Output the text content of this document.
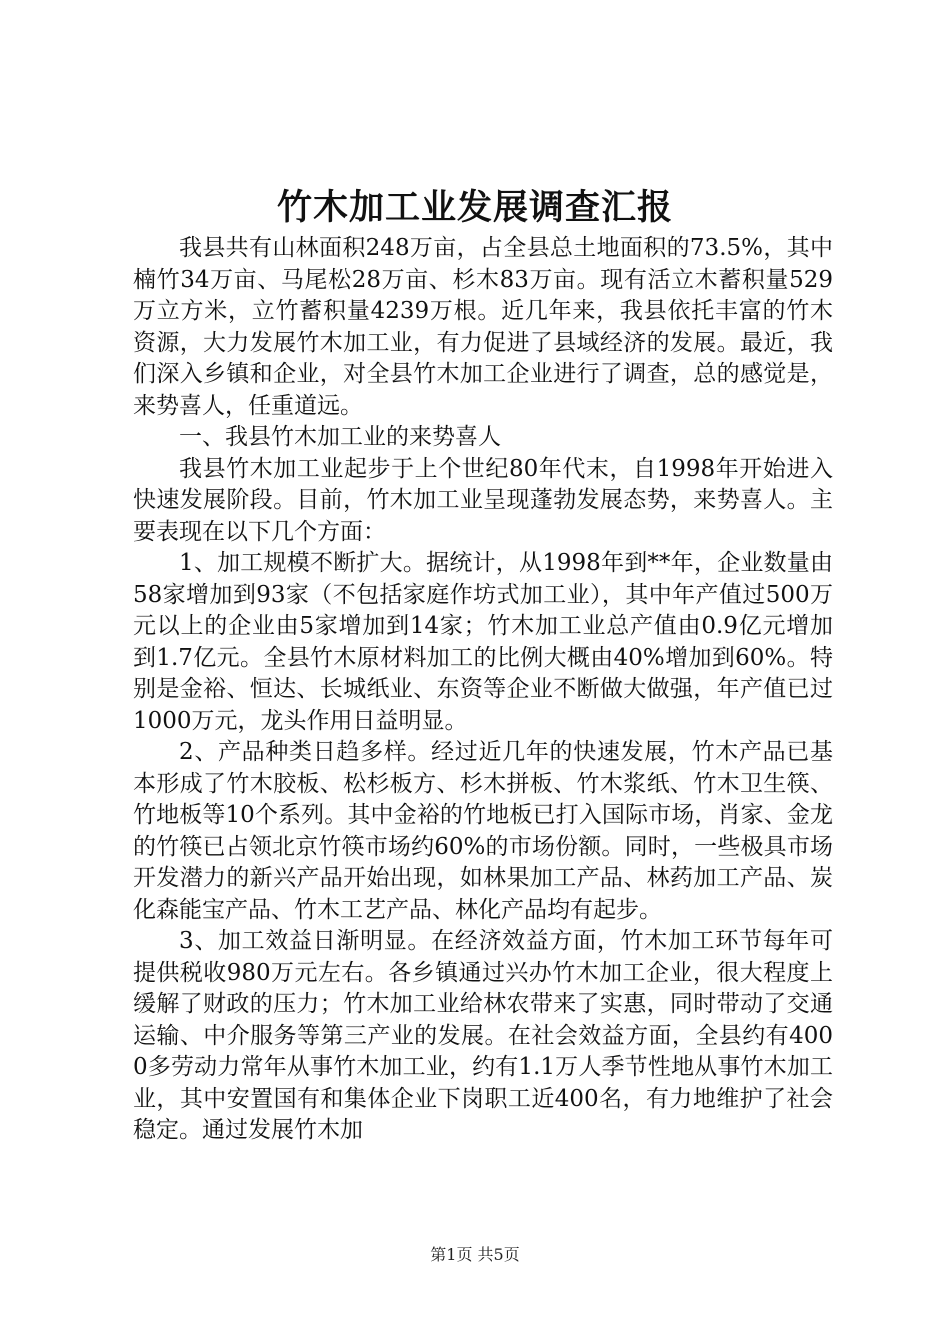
竹木加工业发展调查汇报

我县共有山林面积248万亩，占全县总土地面积的73.5%，其中楠竹34万亩、马尾松28万亩、杉木83万亩。现有活立木蓄积量529万立方米，立竹蓄积量4239万根。近几年来，我县依托丰富的竹木资源，大力发展竹木加工业，有力促进了县域经济的发展。最近，我们深入乡镇和企业，对全县竹木加工企业进行了调查，总的感觉是，来势喜人，任重道远。

一、我县竹木加工业的来势喜人

我县竹木加工业起步于上个世纪80年代末，自1998年开始进入快速发展阶段。目前，竹木加工业呈现蓬勃发展态势，来势喜人。主要表现在以下几个方面：

1、加工规模不断扩大。据统计，从1998年到**年，企业数量由58家增加到93家（不包括家庭作坊式加工业），其中年产值过500万元以上的企业由5家增加到14家；竹木加工业总产值由0.9亿元增加到1.7亿元。全县竹木原材料加工的比例大概由40%增加到60%。特别是金裕、恒达、长城纸业、东资等企业不断做大做强，年产值已过1000万元，龙头作用日益明显。

2、产品种类日趋多样。经过近几年的快速发展，竹木产品已基本形成了竹木胶板、松杉板方、杉木拼板、竹木浆纸、竹木卫生筷、竹地板等10个系列。其中金裕的竹地板已打入国际市场，肖家、金龙的竹筷已占领北京竹筷市场约60%的市场份额。同时，一些极具市场开发潜力的新兴产品开始出现，如林果加工产品、林药加工产品、炭化森能宝产品、竹木工艺产品、林化产品均有起步。

3、加工效益日渐明显。在经济效益方面，竹木加工环节每年可提供税收980万元左右。各乡镇通过兴办竹木加工企业，很大程度上缓解了财政的压力；竹木加工业给林农带来了实惠，同时带动了交通运输、中介服务等第三产业的发展。在社会效益方面，全县约有4000多劳动力常年从事竹木加工业，约有1.1万人季节性地从事竹木加工业，其中安置国有和集体企业下岗职工近400名，有力地维护了社会稳定。通过发展竹木加

第1页 共5页
